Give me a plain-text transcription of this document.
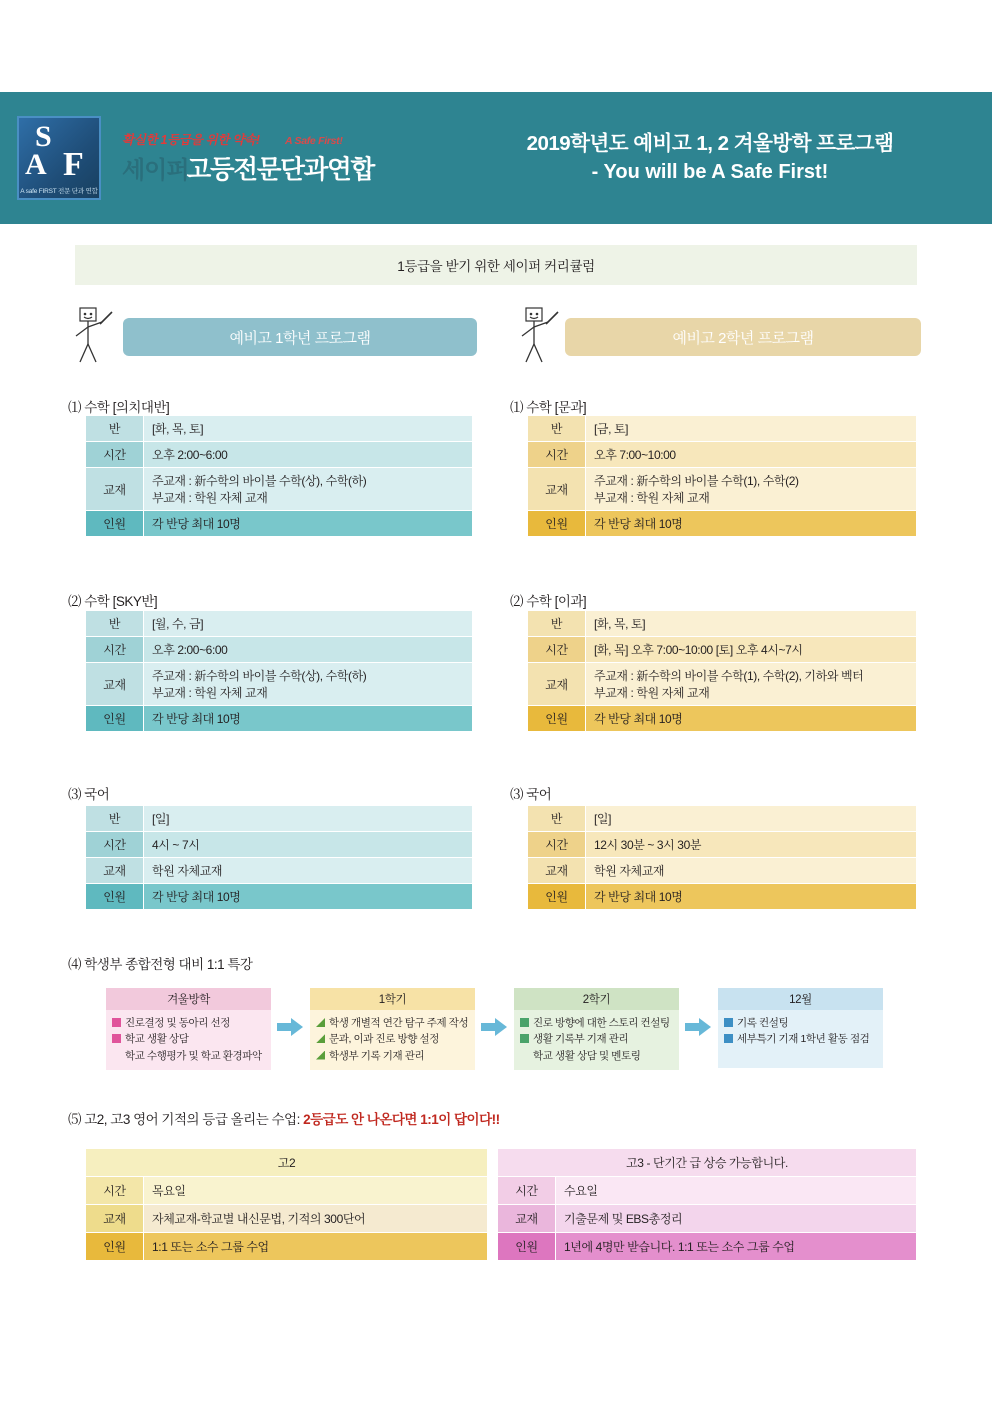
S
A F
A safe FIRST 전문 단과 연합
확실한 1등급을 위한 약속! A Safe First!
세이퍼
고등전문단과연합
2019학년도 예비고 1, 2 겨울방학 프로그램
- You will be A Safe First!
1등급을 받기 위한 세이퍼 커리큘럼
예비고 1학년 프로그램	예비고 2학년 프로그램
⑴ 수학 [의치대반]
반	[화, 목, 토]
시간	오후 2:00~6:00
교재	주교재 : 新수학의 바이블 수학(상), 수학(하)
부교재 : 학원 자체 교재

인원	각 반당 최대 10명
⑵ 수학 [SKY반]
반	[월, 수, 금]
시간	오후 2:00~6:00
교재	주교재 : 新수학의 바이블 수학(상), 수학(하)
부교재 : 학원 자체 교재

인원	각 반당 최대 10명
⑶ 국어
반	[일]
시간	4시 ~ 7시
교재	학원 자체교재
인원	각 반당 최대 10명
⑴ 수학 [문과]
반	[금, 토]
시간	오후 7:00~10:00
교재	주교재 : 新수학의 바이블 수학(1), 수학(2)
부교재 : 학원 자체 교재

인원	각 반당 최대 10명
⑵ 수학 [이과]
반	[화, 목, 토]
시간	[화, 목] 오후 7:00~10:00 [토] 오후 4시~7시
교재	주교재 : 新수학의 바이블 수학(1), 수학(2), 기하와 벡터
부교재 : 학원 자체 교재

인원	각 반당 최대 10명
⑶ 국어
반	[일]
시간	12시 30분 ~ 3시 30분
교재	학원 자체교재
인원	각 반당 최대 10명
⑷ 학생부 종합전형 대비 1:1 특강
겨울방학
진로결정 및 동아리 선정
학교 생활 상담
학교 수행평가 및 학교 환경파악
1학기
학생 개별적 연간 탐구 주제 작성
문과, 이과 진로 방향 설정
학생부 기록 기재 관리
2학기
진로 방향에 대한 스토리 컨설팅
생활 기록부 기재 관리
학교 생활 상담 및 멘토링
12월
기록 컨설팅
세부특기 기재 1학년 활동 점검
⑸ 고2, 고3 영어 기적의 등급 올리는 수업: 2등급도 안 나온다면 1:1이 답이다!!
고2	
시간	목요일
교재	자체교재-학교별 내신문법, 기적의 300단어
인원	1:1 또는 소수 그룹 수업
고3 - 단기간 급 상승 가능합니다.	
시간	수요일
교재	기출문제 및 EBS총정리
인원	1년에 4명만 받습니다. 1:1 또는 소수 그룹 수업
